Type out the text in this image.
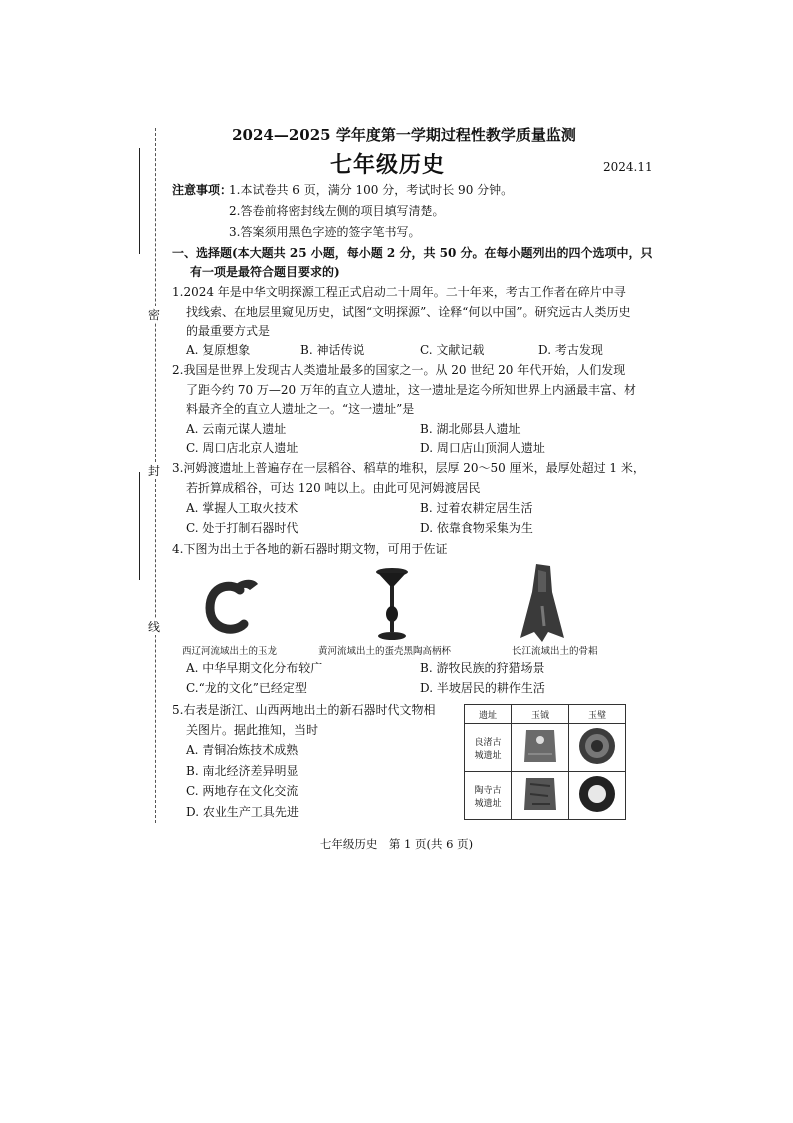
密
封
线
2024—2025 学年度第一学期过程性教学质量监测
七年级历史	2024.11
注意事项：
1.本试卷共 6 页，满分 100 分，考试时长 90 分钟。
2.答卷前将密封线左侧的项目填写清楚。
3.答案须用黑色字迹的签字笔书写。
一、选择题(本大题共 25 小题，每小题 2 分，共 50 分。在每小题列出的四个选项中，只
有一项是最符合题目要求的)
1.2024 年是中华文明探源工程正式启动二十周年。二十年来，考古工作者在碎片中寻
找线索、在地层里窥见历史，试图“文明探源”、诠释“何以中国”。研究远古人类历史
的最重要方式是
A. 复原想象	B. 神话传说	C. 文献记载	D. 考古发现
2.我国是世界上发现古人类遗址最多的国家之一。从 20 世纪 20 年代开始，人们发现
了距今约 70 万—20 万年的直立人遗址，这一遗址是迄今所知世界上内涵最丰富、材
料最齐全的直立人遗址之一。“这一遗址”是
A. 云南元谋人遗址	B. 湖北郧县人遗址
C. 周口店北京人遗址	D. 周口店山顶洞人遗址
3.河姆渡遗址上普遍存在一层稻谷、稻草的堆积，层厚 20～50 厘米，最厚处超过 1 米，
若折算成稻谷，可达 120 吨以上。由此可见河姆渡居民
A. 掌握人工取火技术	B. 过着农耕定居生活
C. 处于打制石器时代	D. 依靠食物采集为生
4.下图为出土于各地的新石器时期文物，可用于佐证
西辽河流域出土的玉龙	黄河流域出土的蛋壳黑陶高柄杯	长江流域出土的骨耜
A. 中华早期文化分布较广	B. 游牧民族的狩猎场景
C.“龙的文化”已经定型	D. 半坡居民的耕作生活
5.右表是浙江、山西两地出土的新石器时代文物相
关图片。据此推知，当时
A. 青铜冶炼技术成熟
B. 南北经济差异明显
C. 两地存在文化交流
D. 农业生产工具先进
遗址	玉钺	玉璧
良渚古
城遗址		
陶寺古
城遗址		
七年级历史　第 1 页(共 6 页)
